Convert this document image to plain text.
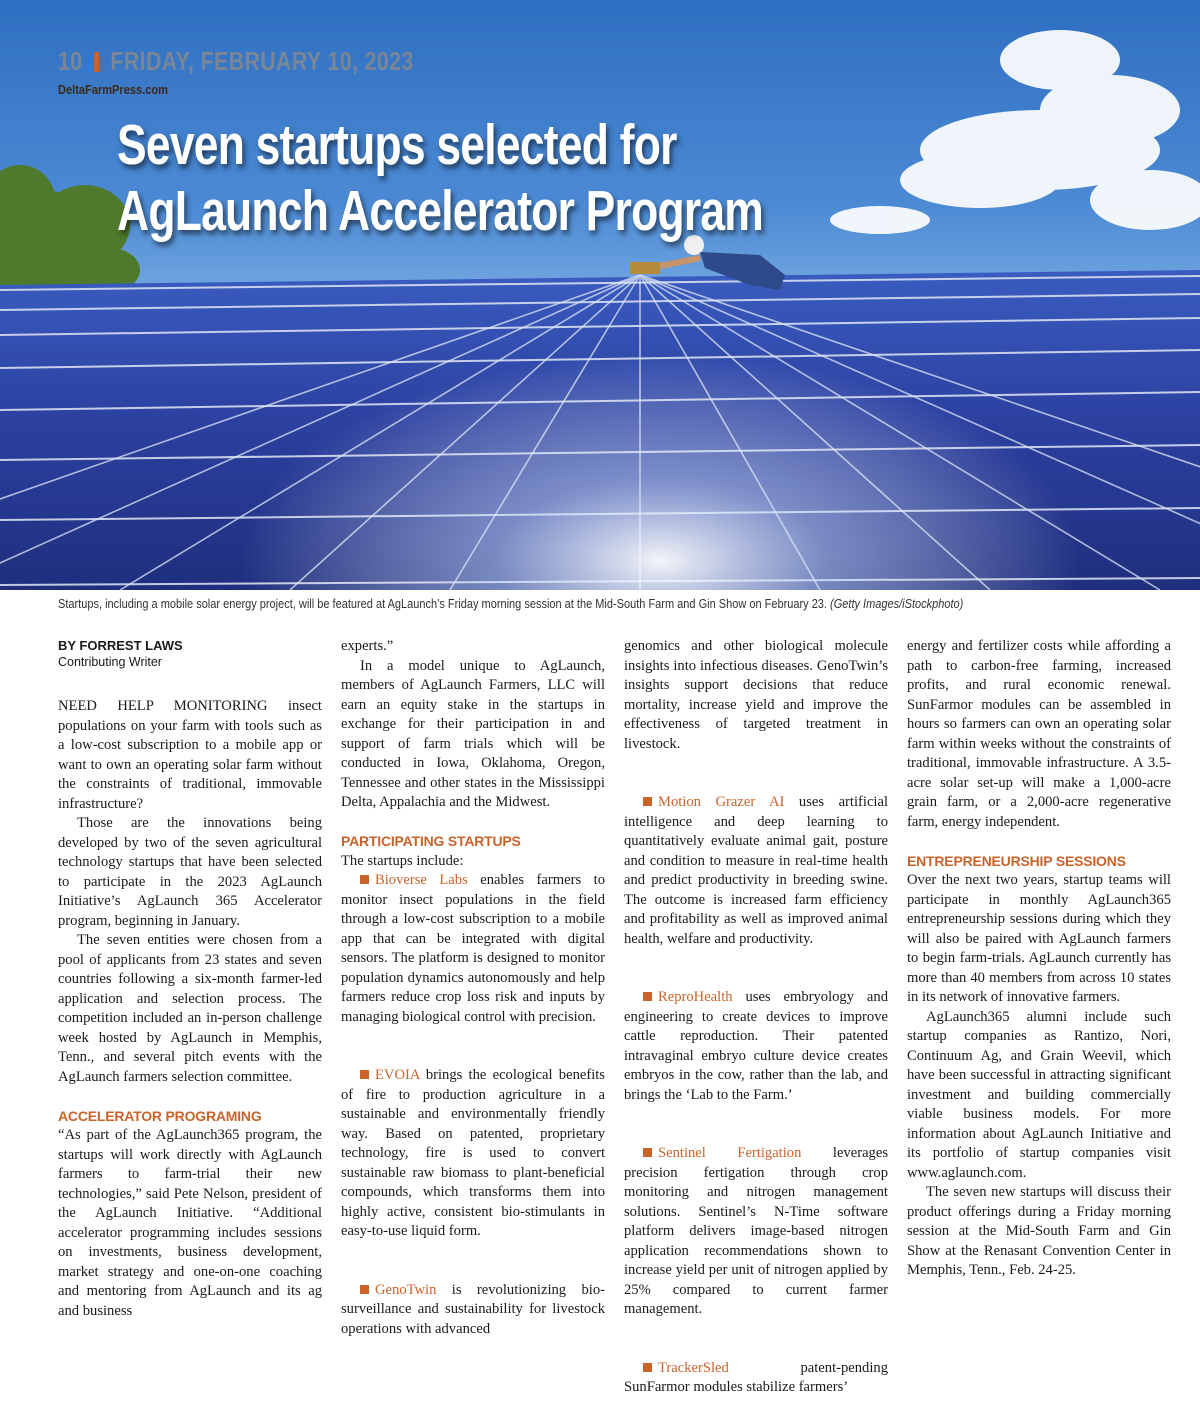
10 FRIDAY, FEBRUARY 10, 2023
DeltaFarmPress.com
Seven startups selected for
AgLaunch Accelerator Program
Startups, including a mobile solar energy project, will be featured at AgLaunch’s Friday morning session at the Mid-South Farm and Gin Show on February 23. (Getty Images/iStockphoto)
BY FORREST LAWS
Contributing Writer

NEED HELP MONITORING insect populations on your farm with tools such as a low-cost subscription to a mobile app or want to own an operating solar farm without the constraints of traditional, immovable infrastructure?

Those are the innovations being developed by two of the seven agricultural technology startups that have been selected to participate in the 2023 AgLaunch Initiative’s AgLaunch 365 Accelerator program, beginning in January.

The seven entities were chosen from a pool of applicants from 23 states and seven countries following a six-month farmer-led application and selection process. The competition included an in-person challenge week hosted by AgLaunch in Memphis, Tenn., and several pitch events with the AgLaunch farmers selection committee.

ACCELERATOR PROGRAMING

“As part of the AgLaunch365 program, the startups will work directly with AgLaunch farmers to farm-trial their new technologies,” said Pete Nelson, president of the AgLaunch Initiative. “Additional accelerator programming includes sessions on investments, business development, market strategy and one-on-one coaching and mentoring from AgLaunch and its ag and business

experts.”

In a model unique to AgLaunch, members of AgLaunch Farmers, LLC will earn an equity stake in the startups in exchange for their participation in and support of farm trials which will be conducted in Iowa, Oklahoma, Oregon, Tennessee and other states in the Mississippi Delta, Appalachia and the Midwest.

PARTICIPATING STARTUPS

The startups include:

Bioverse Labs enables farmers to monitor insect populations in the field through a low-cost subscription to a mobile app that can be integrated with digital sensors. The platform is designed to monitor population dynamics autonomously and help farmers reduce crop loss risk and inputs by managing biological control with precision.

EVOIA brings the ecological benefits of fire to production agriculture in a sustainable and environmentally friendly way. Based on patented, proprietary technology, fire is used to convert sustainable raw biomass to plant-beneficial compounds, which transforms them into highly active, consistent bio-stimulants in easy-to-use liquid form.

GenoTwin is revolutionizing bio-surveillance and sustainability for livestock operations with advanced

genomics and other biological molecule insights into infectious diseases. GenoTwin’s insights support decisions that reduce mortality, increase yield and improve the effectiveness of targeted treatment in livestock.

Motion Grazer AI uses artificial intelligence and deep learning to quantitatively evaluate animal gait, posture and condition to measure in real-time health and predict productivity in breeding swine. The outcome is increased farm efficiency and profitability as well as improved animal health, welfare and productivity.

ReproHealth uses embryology and engineering to create devices to improve cattle reproduction. Their patented intravaginal embryo culture device creates embryos in the cow, rather than the lab, and brings the ‘Lab to the Farm.’

Sentinel Fertigation leverages precision fertigation through crop monitoring and nitrogen management solutions. Sentinel’s N-Time software platform delivers image-based nitrogen application recommendations shown to increase yield per unit of nitrogen applied by 25% compared to current farmer management.

TrackerSled patent-pending SunFarmor modules stabilize farmers’

energy and fertilizer costs while affording a path to carbon-free farming, increased profits, and rural economic renewal. SunFarmor modules can be assembled in hours so farmers can own an operating solar farm within weeks without the constraints of traditional, immovable infrastructure. A 3.5-acre solar set-up will make a 1,000-acre grain farm, or a 2,000-acre regenerative farm, energy independent.

ENTREPRENEURSHIP SESSIONS

Over the next two years, startup teams will participate in monthly AgLaunch365 entrepreneurship sessions during which they will also be paired with AgLaunch farmers to begin farm-trials. AgLaunch currently has more than 40 members from across 10 states in its network of innovative farmers.

AgLaunch365 alumni include such startup companies as Rantizo, Nori, Continuum Ag, and Grain Weevil, which have been successful in attracting significant investment and building commercially viable business models. For more information about AgLaunch Initiative and its portfolio of startup companies visit www.aglaunch.com.

The seven new startups will discuss their product offerings during a Friday morning session at the Mid-South Farm and Gin Show at the Renasant Convention Center in Memphis, Tenn., Feb. 24-25.
